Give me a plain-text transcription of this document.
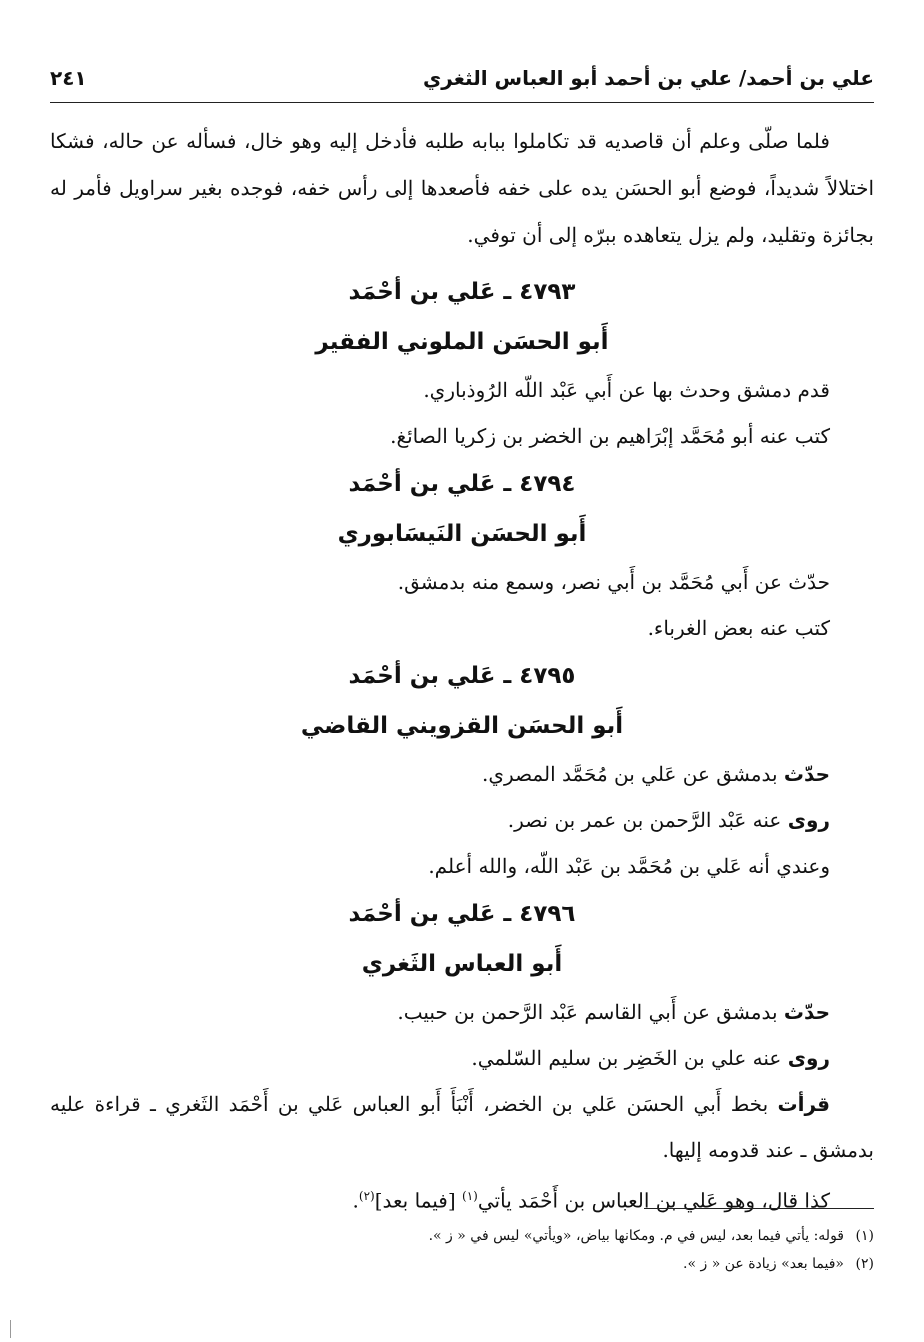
علي بن أحمد/ علي بن أحمد أبو العباس الثغري
٢٤١

فلما صلّى وعلم أن قاصديه قد تكاملوا ببابه طلبه فأدخل إليه وهو خال، فسأله عن حاله، فشكا اختلالاً شديداً، فوضع أبو الحسَن يده على خفه فأصعدها إلى رأس خفه، فوجده بغير سراويل فأمر له بجائزة وتقليد، ولم يزل يتعاهده ببرّه إلى أن توفي.

٤٧٩٣ ـ عَلي بن أحْمَد
أَبو الحسَن الملوني الفقير

قدم دمشق وحدث بها عن أَبي عَبْد اللّه الرُوذباري.

كتب عنه أبو مُحَمَّد إبْرَاهيم بن الخضر بن زكريا الصائغ.

٤٧٩٤ ـ عَلي بن أحْمَد
أَبو الحسَن النَيسَابوري

حدّث عن أَبي مُحَمَّد بن أَبي نصر، وسمع منه بدمشق.

كتب عنه بعض الغرباء.

٤٧٩٥ ـ عَلي بن أحْمَد
أَبو الحسَن القزويني القاضي

حدّث بدمشق عن عَلي بن مُحَمَّد المصري.

روى عنه عَبْد الرَّحمن بن عمر بن نصر.

وعندي أنه عَلي بن مُحَمَّد بن عَبْد اللّه، والله أعلم.

٤٧٩٦ ـ عَلي بن أحْمَد
أَبو العباس الثَغري

حدّث بدمشق عن أَبي القاسم عَبْد الرَّحمن بن حبيب.

روى عنه علي بن الخَضِر بن سليم السّلمي.

قرأت بخط أَبي الحسَن عَلي بن الخضر، أَنْبَأَ أَبو العباس عَلي بن أَحْمَد الثَغري ـ قراءة عليه بدمشق ـ عند قدومه إليها.

كذا قال، وهو عَلي بن العباس بن أَحْمَد يأتي$^{(١)}$ [فيما بعد]$^{(٢)}$.

(١)قوله: يأتي فيما بعد، ليس في م. ومكانها بياض، «ويأتي» ليس في « ز ».

(٢)«فيما بعد» زيادة عن « ز ».
